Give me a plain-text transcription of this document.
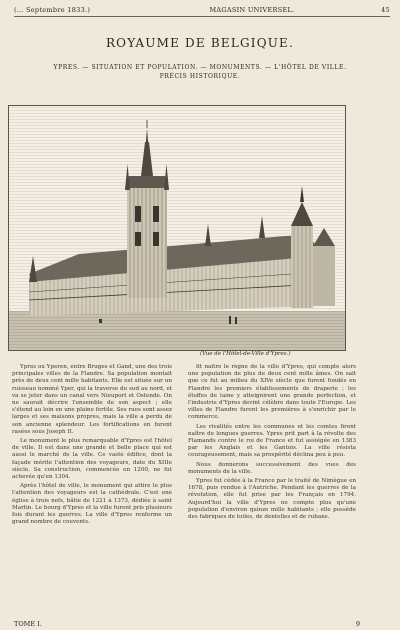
(… Septembre 1833.)	MAGASIN UNIVERSEL.	45
ROYAUME DE BELGIQUE.
YPRES. — SITUATION ET POPULATION. — MONUMENTS. — L'HÔTEL DE VILLE.
PRÉCIS HISTORIQUE.
(Vue de l'Hôtel-de-Ville d'Ypres.)

Ypres ou Yperen, entre Bruges et Gand, une des trois principales villes de la Flandre. Sa population montait près de deux cent mille habitants. Elle est située sur un ruisseau nommé Yper, qui la traverse du sud au nord, et va se jeter dans un canal vers Nieuport et Ostende. On ne saurait décrire l'ensemble de son aspect ; elle s'étend au loin en une plaine fertile. Ses rues sont assez larges et ses maisons propres, mais la ville a perdu de son ancienne splendeur. Les fortifications en furent rasées sous Joseph II.

Le monument le plus remarquable d'Ypres est l'hôtel de ville. Il est dans une grande et belle place qui est aussi le marché de la ville. Ce vaste édifice, dont la façade mérite l'attention des voyageurs, date du XIIIe siècle. Sa construction, commencée en 1200, ne fut achevée qu'en 1304.

Après l'hôtel de ville, le monument qui attire le plus l'attention des voyageurs est la cathédrale. C'est une église à trois nefs, bâtie de 1221 à 1373, dédiée à saint Martin. Le bourg d'Ypres et la ville furent pris plusieurs fois durant les guerres. La ville d'Ypres renferme un grand nombre de couvents.

fit naître le règne de la ville d'Ypres, qui compte alors une population de plus de deux cent mille âmes. On sait que ce fut au milieu du XIVe siècle que furent fondés en Flandre les premiers établissements de draperie ; les étoffes de laine y atteignirent une grande perfection, et l'industrie d'Ypres devint célèbre dans toute l'Europe. Les villes de Flandre furent les premières à s'enrichir par le commerce.

Les rivalités entre les communes et les comtes firent naître de longues guerres. Ypres prit part à la révolte des Flamands contre le roi de France et fut assiégée en 1383 par les Anglais et les Gantois. La ville résista courageusement, mais sa prospérité déclina peu à peu.

Nous donnerons successivement des vues des monuments de la ville.

Ypres fut cédée à la France par le traité de Nimègue en 1678, puis rendue à l'Autriche. Pendant les guerres de la révolution, elle fut prise par les Français en 1794. Aujourd'hui la ville d'Ypres ne compte plus qu'une population d'environ quinze mille habitants ; elle possède des fabriques de toiles, de dentelles et de rubans.

TOME I.	9
